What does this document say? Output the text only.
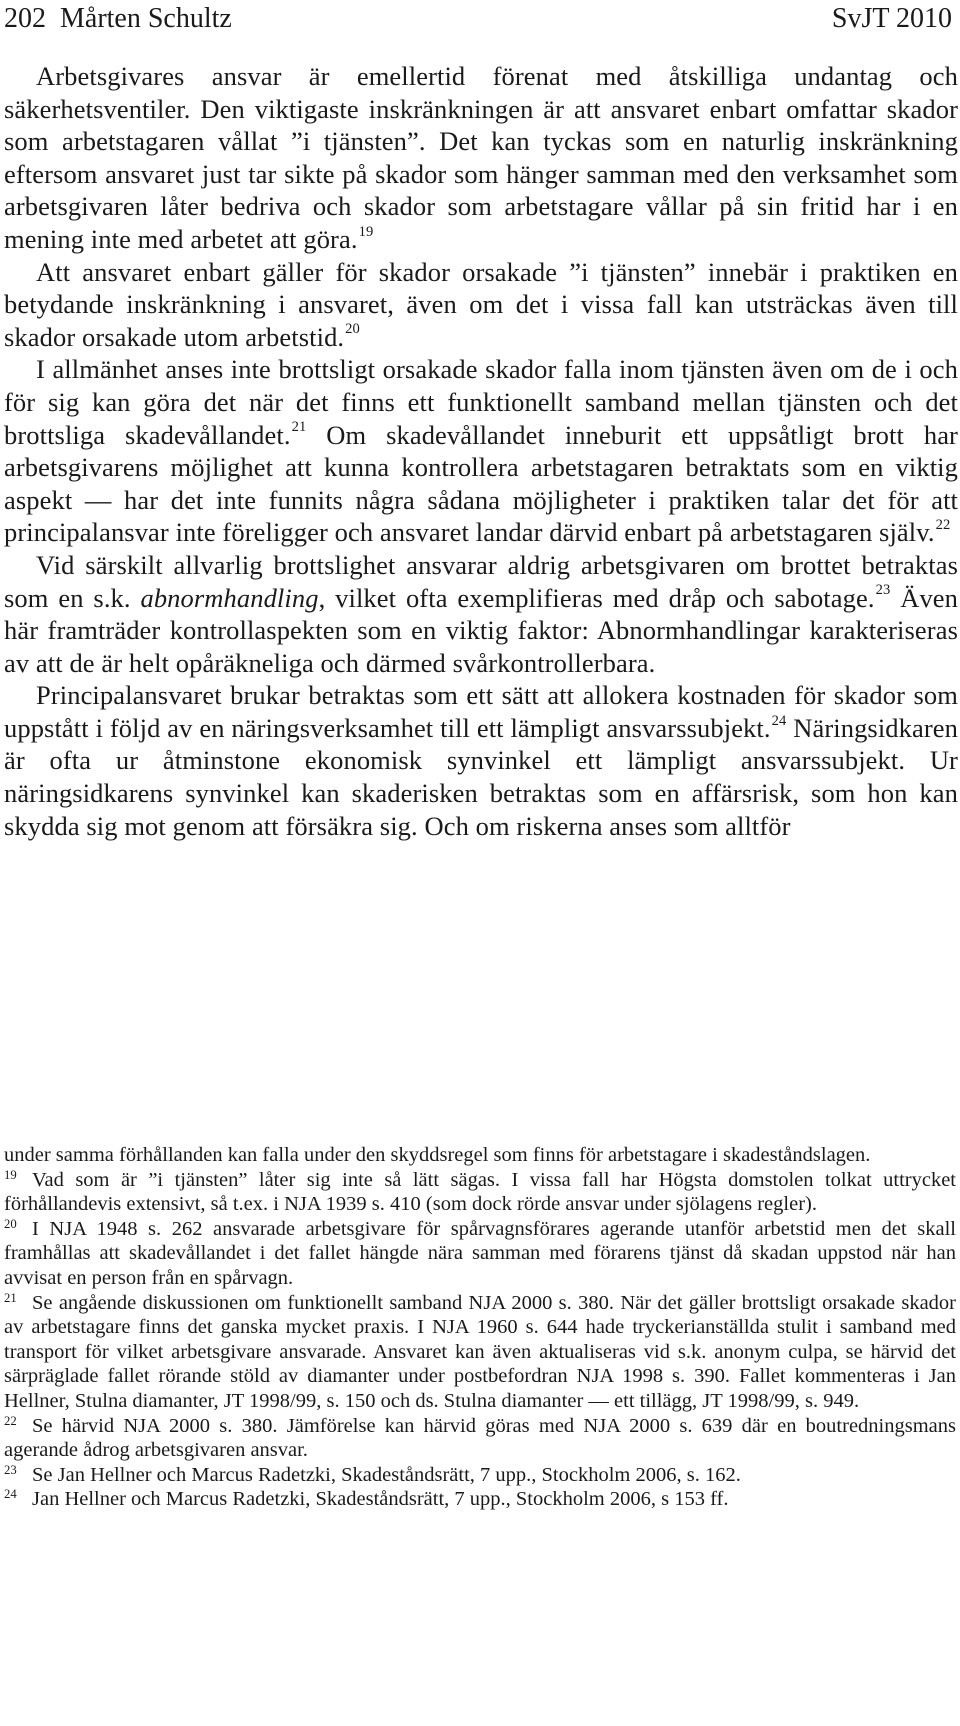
202 Mårten Schultz	SvJT 2010

Arbetsgivares ansvar är emellertid förenat med åtskilliga undantag och säkerhetsventiler. Den viktigaste inskränkningen är att ansvaret enbart omfattar skador som arbetstagaren vållat ”i tjänsten”. Det kan tyckas som en naturlig inskränkning eftersom ansvaret just tar sikte på skador som hänger samman med den verksamhet som arbetsgivaren låter bedriva och skador som arbetstagare vållar på sin fritid har i en mening inte med arbetet att göra.$^{19}$

Att ansvaret enbart gäller för skador orsakade ”i tjänsten” innebär i praktiken en betydande inskränkning i ansvaret, även om det i vissa fall kan utsträckas även till skador orsakade utom arbetstid.$^{20}$

I allmänhet anses inte brottsligt orsakade skador falla inom tjänsten även om de i och för sig kan göra det när det finns ett funktionellt samband mellan tjänsten och det brottsliga skadevållandet.$^{21}$ Om skadevållandet inneburit ett uppsåtligt brott har arbetsgivarens möjlighet att kunna kontrollera arbetstagaren betraktats som en viktig aspekt — har det inte funnits några sådana möjligheter i praktiken talar det för att principalansvar inte föreligger och ansvaret landar därvid enbart på arbetstagaren själv.$^{22}$

Vid särskilt allvarlig brottslighet ansvarar aldrig arbetsgivaren om brottet betraktas som en s.k. abnormhandling, vilket ofta exemplifieras med dråp och sabotage.$^{23}$ Även här framträder kontrollaspekten som en viktig faktor: Abnormhandlingar karakteriseras av att de är helt opåräkneliga och därmed svårkontrollerbara.

Principalansvaret brukar betraktas som ett sätt att allokera kostnaden för skador som uppstått i följd av en näringsverksamhet till ett lämpligt ansvarssubjekt.$^{24}$ Näringsidkaren är ofta ur åtminstone ekonomisk synvinkel ett lämpligt ansvarssubjekt. Ur näringsidkarens synvinkel kan skaderisken betraktas som en affärsrisk, som hon kan skydda sig mot genom att försäkra sig. Och om riskerna anses som alltför

under samma förhållanden kan falla under den skyddsregel som finns för arbetstagare i skadeståndslagen.

19 Vad som är ”i tjänsten” låter sig inte så lätt sägas. I vissa fall har Högsta domstolen tolkat uttrycket förhållandevis extensivt, så t.ex. i NJA 1939 s. 410 (som dock rörde ansvar under sjölagens regler).

20 I NJA 1948 s. 262 ansvarade arbetsgivare för spårvagnsförares agerande utanför arbetstid men det skall framhållas att skadevållandet i det fallet hängde nära samman med förarens tjänst då skadan uppstod när han avvisat en person från en spårvagn.

21 Se angående diskussionen om funktionellt samband NJA 2000 s. 380. När det gäller brottsligt orsakade skador av arbetstagare finns det ganska mycket praxis. I NJA 1960 s. 644 hade tryckerianställda stulit i samband med transport för vilket arbetsgivare ansvarade. Ansvaret kan även aktualiseras vid s.k. anonym culpa, se härvid det särpräglade fallet rörande stöld av diamanter under postbefordran NJA 1998 s. 390. Fallet kommenteras i Jan Hellner, Stulna diamanter, JT 1998/99, s. 150 och ds. Stulna diamanter — ett tillägg, JT 1998/99, s. 949.

22 Se härvid NJA 2000 s. 380. Jämförelse kan härvid göras med NJA 2000 s. 639 där en boutredningsmans agerande ådrog arbetsgivaren ansvar.

23 Se Jan Hellner och Marcus Radetzki, Skadeståndsrätt, 7 upp., Stockholm 2006, s. 162.

24 Jan Hellner och Marcus Radetzki, Skadeståndsrätt, 7 upp., Stockholm 2006, s 153 ff.
